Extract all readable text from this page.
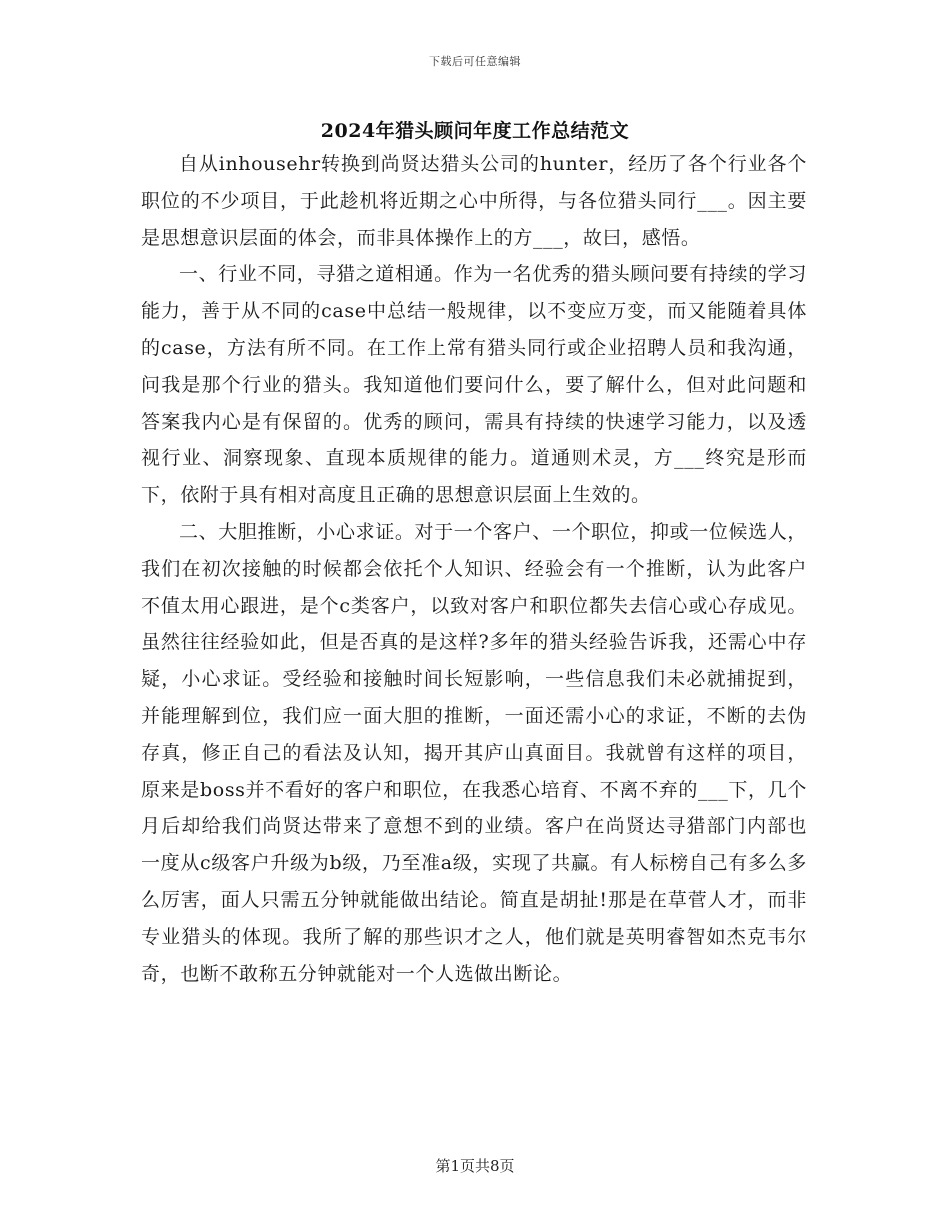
下载后可任意编辑
2024年猎头顾问年度工作总结范文

自从inhousehr转换到尚贤达猎头公司的hunter，经历了各个行业各个职位的不少项目，于此趁机将近期之心中所得，与各位猎头同行___。因主要是思想意识层面的体会，而非具体操作上的方___，故曰，感悟。

一、行业不同，寻猎之道相通。作为一名优秀的猎头顾问要有持续的学习能力，善于从不同的case中总结一般规律，以不变应万变，而又能随着具体的case，方法有所不同。在工作上常有猎头同行或企业招聘人员和我沟通，问我是那个行业的猎头。我知道他们要问什么，要了解什么，但对此问题和答案我内心是有保留的。优秀的顾问，需具有持续的快速学习能力，以及透视行业、洞察现象、直现本质规律的能力。道通则术灵，方___终究是形而下，依附于具有相对高度且正确的思想意识层面上生效的。

二、大胆推断，小心求证。对于一个客户、一个职位，抑或一位候选人，我们在初次接触的时候都会依托个人知识、经验会有一个推断，认为此客户不值太用心跟进，是个c类客户，以致对客户和职位都失去信心或心存成见。虽然往往经验如此，但是否真的是这样?多年的猎头经验告诉我，还需心中存疑，小心求证。受经验和接触时间长短影响，一些信息我们未必就捕捉到，并能理解到位，我们应一面大胆的推断，一面还需小心的求证，不断的去伪存真，修正自己的看法及认知，揭开其庐山真面目。我就曾有这样的项目，原来是boss并不看好的客户和职位，在我悉心培育、不离不弃的___下，几个月后却给我们尚贤达带来了意想不到的业绩。客户在尚贤达寻猎部门内部也一度从c级客户升级为b级，乃至准a级，实现了共赢。有人标榜自己有多么多么厉害，面人只需五分钟就能做出结论。简直是胡扯!那是在草菅人才，而非专业猎头的体现。我所了解的那些识才之人，他们就是英明睿智如杰克韦尔奇，也断不敢称五分钟就能对一个人选做出断论。

第1页共8页
